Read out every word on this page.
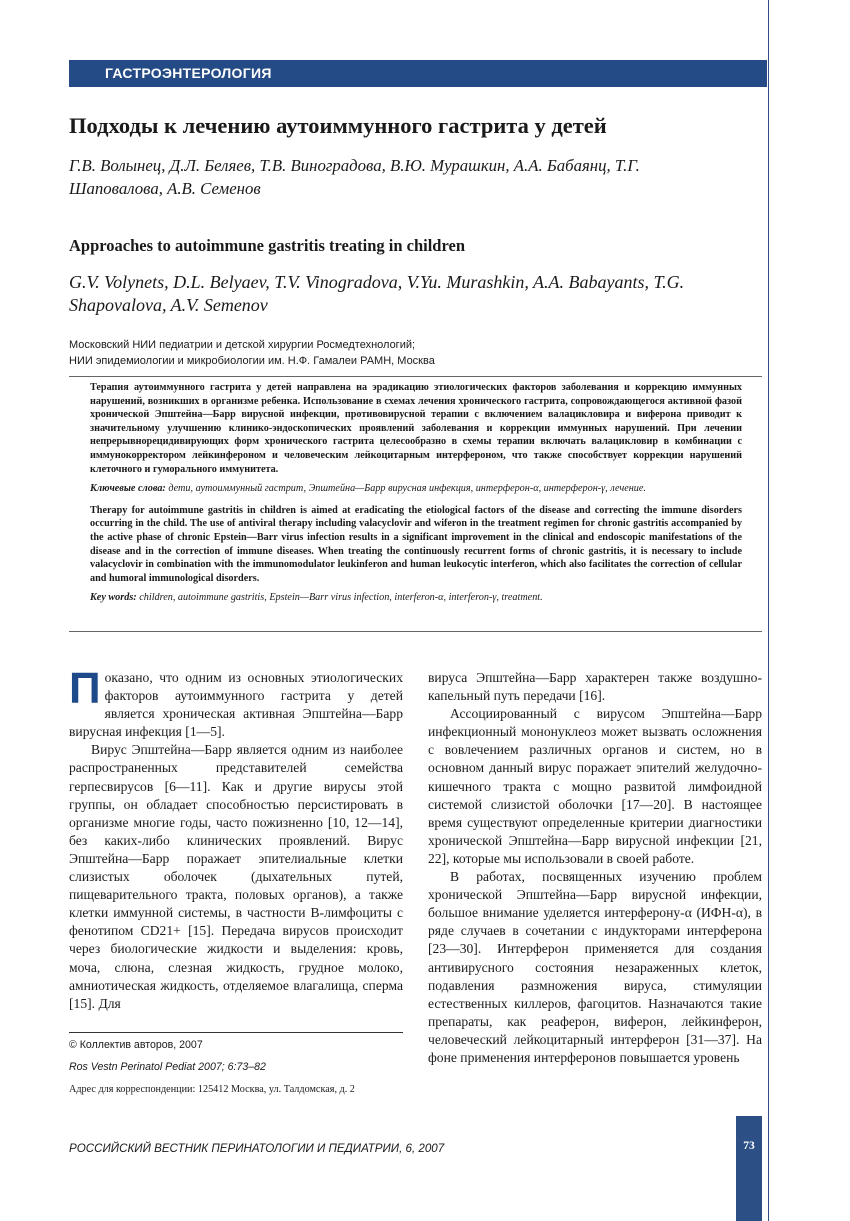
ГАСТРОЭНТЕРОЛОГИЯ
Подходы к лечению аутоиммунного гастрита у детей
Г.В. Волынец, Д.Л. Беляев, Т.В. Виноградова, В.Ю. Мурашкин, А.А. Бабаянц, Т.Г. Шаповалова, А.В. Семенов
Approaches to autoimmune gastritis treating in children
G.V. Volynets, D.L. Belyaev, T.V. Vinogradova, V.Yu. Murashkin, A.A. Babayants, T.G. Shapovalova, A.V. Semenov
Московский НИИ педиатрии и детской хирургии Росмедтехнологий;
НИИ эпидемиологии и микробиологии им. Н.Ф. Гамалеи РАМН, Москва

Терапия аутоиммунного гастрита у детей направлена на эрадикацию этиологических факторов заболевания и коррекцию иммунных нарушений, возникших в организме ребенка. Использование в схемах лечения хронического гастрита, сопровождающегося активной фазой хронической Эпштейна—Барр вирусной инфекции, противовирусной терапии с включением валацикловира и виферона приводит к значительному улучшению клинико-эндоскопических проявлений заболевания и коррекции иммунных нарушений. При лечении непрерывнорецидивирующих форм хронического гастрита целесообразно в схемы терапии включать валацикловир в комбинации с иммунокорректором лейкинфероном и человеческим лейкоцитарным интерфероном, что также способствует коррекции нарушений клеточного и гуморального иммунитета.

Ключевые слова: дети, аутоиммунный гастрит, Эпштейна—Барр вирусная инфекция, интерферон-α, интерферон-γ, лечение.

Therapy for autoimmune gastritis in children is aimed at eradicating the etiological factors of the disease and correcting the immune disorders occurring in the child. The use of antiviral therapy including valacyclovir and wiferon in the treatment regimen for chronic gastritis accompanied by the active phase of chronic Epstein—Barr virus infection results in a significant improvement in the clinical and endoscopic manifestations of the disease and in the correction of immune diseases. When treating the continuously recurrent forms of chronic gastritis, it is necessary to include valacyclovir in combination with the immunomodulator leukinferon and human leukocytic interferon, which also facilitates the correction of cellular and humoral immunological disorders.

Key words: children, autoimmune gastritis, Epstein—Barr virus infection, interferon-α, interferon-γ, treatment.

Показано, что одним из основных этиологических факторов аутоиммунного гастрита у детей является хроническая активная Эпштейна—Барр вирусная инфекция [1—5].

Вирус Эпштейна—Барр является одним из наиболее распространенных представителей семейства герпесвирусов [6—11]. Как и другие вирусы этой группы, он обладает способностью персистировать в организме многие годы, часто пожизненно [10, 12—14], без каких-либо клинических проявлений. Вирус Эпштейна—Барр поражает эпителиальные клетки слизистых оболочек (дыхательных путей, пищеварительного тракта, половых органов), а также клетки иммунной системы, в частности В-лимфоциты с фенотипом CD21+ [15]. Передача вирусов происходит через биологические жидкости и выделения: кровь, моча, слюна, слезная жидкость, грудное молоко, амниотическая жидкость, отделяемое влагалища, сперма [15]. Для

вируса Эпштейна—Барр характерен также воздушно-капельный путь передачи [16].

Ассоциированный с вирусом Эпштейна—Барр инфекционный мононуклеоз может вызвать осложнения с вовлечением различных органов и систем, но в основном данный вирус поражает эпителий желудочно-кишечного тракта с мощно развитой лимфоидной системой слизистой оболочки [17—20]. В настоящее время существуют определенные критерии диагностики хронической Эпштейна—Барр вирусной инфекции [21, 22], которые мы использовали в своей работе.

В работах, посвященных изучению проблем хронической Эпштейна—Барр вирусной инфекции, большое внимание уделяется интерферону-α (ИФН-α), в ряде случаев в сочетании с индукторами интерферона [23—30]. Интерферон применяется для создания антивирусного состояния незараженных клеток, подавления размножения вируса, стимуляции естественных киллеров, фагоцитов. Назначаются такие препараты, как реаферон, виферон, лейкинферон, человеческий лейкоцитарный интерферон [31—37]. На фоне применения интерферонов повышается уровень

© Коллектив авторов, 2007
Ros Vestn Perinatol Pediat 2007; 6:73–82
Адрес для корреспонденции: 125412 Москва, ул. Талдомская, д. 2
РОССИЙСКИЙ ВЕСТНИК ПЕРИНАТОЛОГИИ И ПЕДИАТРИИ, 6, 2007	73
